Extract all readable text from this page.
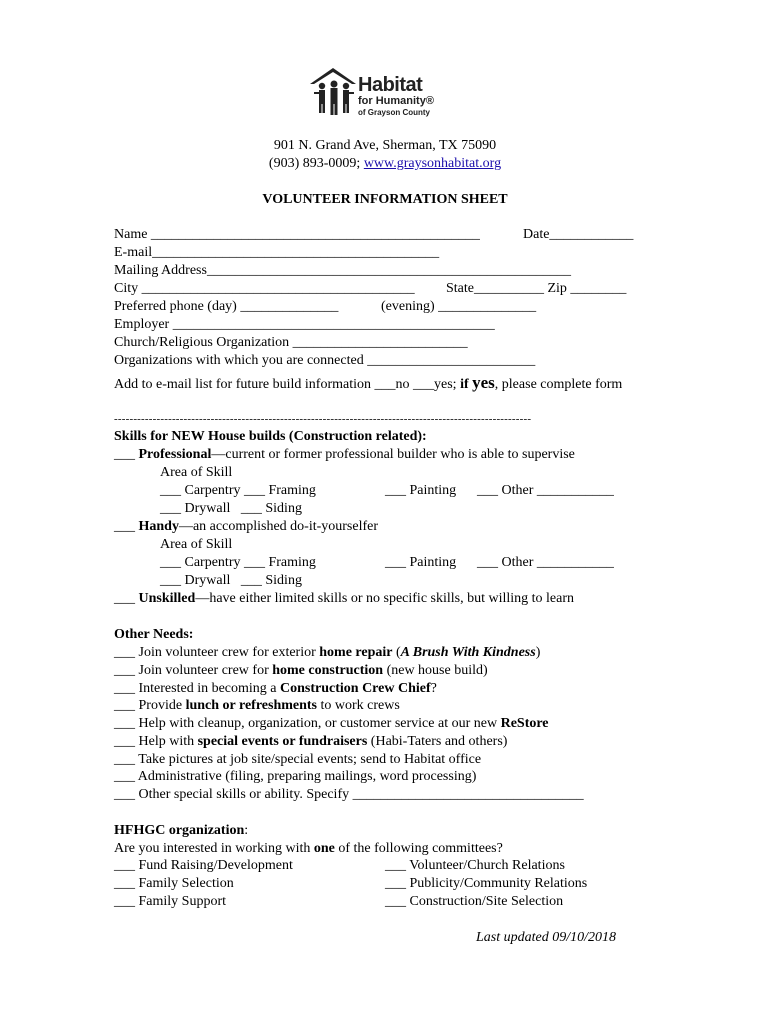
Habitat
for Humanity®
of Grayson County
901 N. Grand Ave, Sherman, TX 75090
(903) 893-0009; www.graysonhabitat.org
VOLUNTEER INFORMATION SHEET
Name _______________________________________________	Date____________
E-mail_________________________________________
Mailing Address____________________________________________________
City _______________________________________ State__________ Zip ________
Preferred phone (day) ______________	(evening) ______________
Employer ______________________________________________
Church/Religious Organization _________________________
Organizations with which you are connected ________________________
Add to e-mail list for future build information ___no ___yes; if yes, please complete form
------------------------------------------------------------------------------------------------------------
Skills for NEW House builds (Construction related):
___ Professional—current or former professional builder who is able to supervise
Area of Skill
___ Carpentry ___ Framing	___ Painting ___ Other ___________
___ Drywall   ___ Siding
___ Handy—an accomplished do-it-yourselfer
Area of Skill
___ Carpentry ___ Framing	___ Painting ___ Other ___________
___ Drywall   ___ Siding
___ Unskilled—have either limited skills or no specific skills, but willing to learn
Other Needs:
___ Join volunteer crew for exterior home repair (A Brush With Kindness)
___ Join volunteer crew for home construction (new house build)
___ Interested in becoming a Construction Crew Chief?
___ Provide lunch or refreshments to work crews
___ Help with cleanup, organization, or customer service at our new ReStore
___ Help with special events or fundraisers (Habi-Taters and others)
___ Take pictures at job site/special events; send to Habitat office
___ Administrative (filing, preparing mailings, word processing)
___ Other special skills or ability. Specify _________________________________
HFHGC organization:
Are you interested in working with one of the following committees?
___ Fund Raising/Development	___ Volunteer/Church Relations
___ Family Selection	___ Publicity/Community Relations
___ Family Support	___ Construction/Site Selection
Last updated 09/10/2018
